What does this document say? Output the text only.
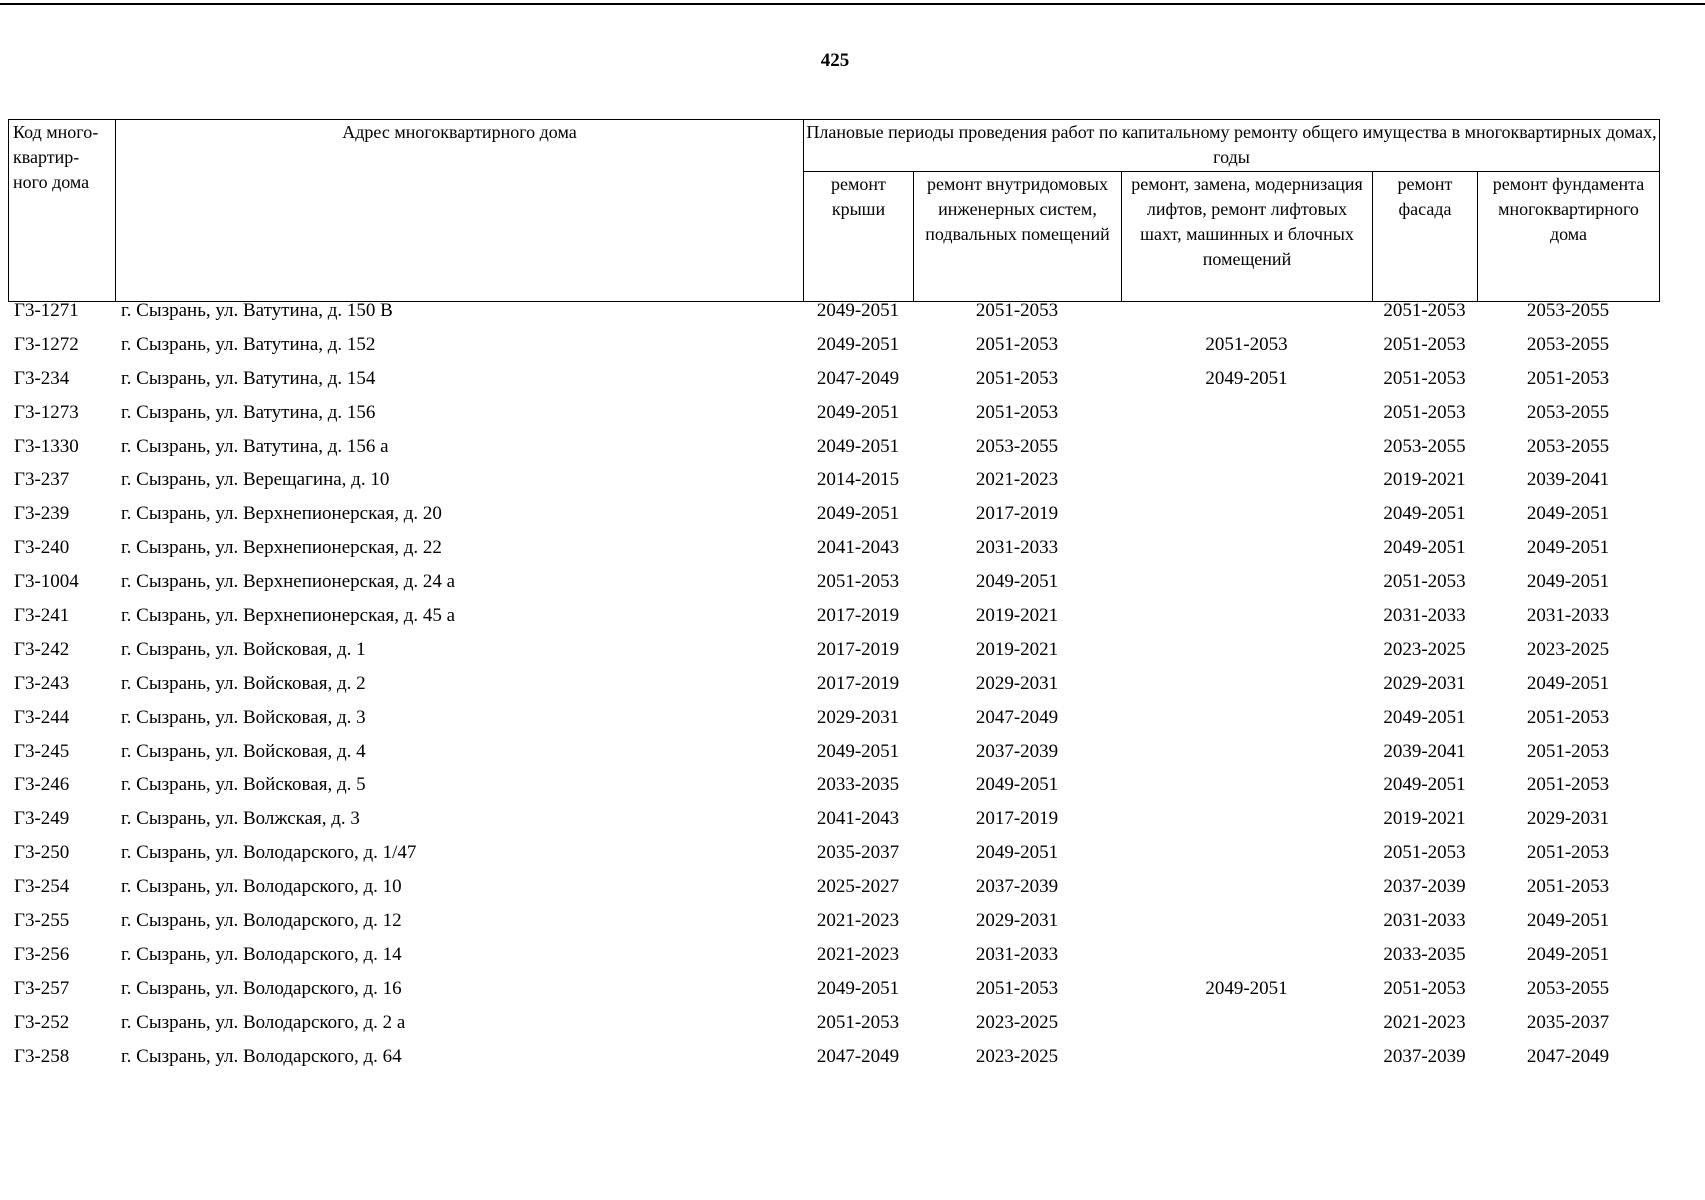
425
Код много-квартир-ного дома	Адрес многоквартирного дома	Плановые периоды проведения работ по капитальному ремонту общего имущества в многоквартирных домах, годы				
		ремонт крыши	ремонт внутридомовых инженерных систем, подвальных помещений	ремонт, замена, модернизация лифтов, ремонт лифтовых шахт, машинных и блочных помещений	ремонт фасада	ремонт фундамента многоквартирного дома
Г3-1271	г. Сызрань, ул. Ватутина, д. 150 В	2049-2051	2051-2053		2051-2053	2053-2055
Г3-1272	г. Сызрань, ул. Ватутина, д. 152	2049-2051	2051-2053	2051-2053	2051-2053	2053-2055
Г3-234	г. Сызрань, ул. Ватутина, д. 154	2047-2049	2051-2053	2049-2051	2051-2053	2051-2053
Г3-1273	г. Сызрань, ул. Ватутина, д. 156	2049-2051	2051-2053		2051-2053	2053-2055
Г3-1330	г. Сызрань, ул. Ватутина, д. 156 а	2049-2051	2053-2055		2053-2055	2053-2055
Г3-237	г. Сызрань, ул. Верещагина, д. 10	2014-2015	2021-2023		2019-2021	2039-2041
Г3-239	г. Сызрань, ул. Верхнепионерская, д. 20	2049-2051	2017-2019		2049-2051	2049-2051
Г3-240	г. Сызрань, ул. Верхнепионерская, д. 22	2041-2043	2031-2033		2049-2051	2049-2051
Г3-1004	г. Сызрань, ул. Верхнепионерская, д. 24 а	2051-2053	2049-2051		2051-2053	2049-2051
Г3-241	г. Сызрань, ул. Верхнепионерская, д. 45 а	2017-2019	2019-2021		2031-2033	2031-2033
Г3-242	г. Сызрань, ул. Войсковая, д. 1	2017-2019	2019-2021		2023-2025	2023-2025
Г3-243	г. Сызрань, ул. Войсковая, д. 2	2017-2019	2029-2031		2029-2031	2049-2051
Г3-244	г. Сызрань, ул. Войсковая, д. 3	2029-2031	2047-2049		2049-2051	2051-2053
Г3-245	г. Сызрань, ул. Войсковая, д. 4	2049-2051	2037-2039		2039-2041	2051-2053
Г3-246	г. Сызрань, ул. Войсковая, д. 5	2033-2035	2049-2051		2049-2051	2051-2053
Г3-249	г. Сызрань, ул. Волжская, д. 3	2041-2043	2017-2019		2019-2021	2029-2031
Г3-250	г. Сызрань, ул. Володарского, д. 1/47	2035-2037	2049-2051		2051-2053	2051-2053
Г3-254	г. Сызрань, ул. Володарского, д. 10	2025-2027	2037-2039		2037-2039	2051-2053
Г3-255	г. Сызрань, ул. Володарского, д. 12	2021-2023	2029-2031		2031-2033	2049-2051
Г3-256	г. Сызрань, ул. Володарского, д. 14	2021-2023	2031-2033		2033-2035	2049-2051
Г3-257	г. Сызрань, ул. Володарского, д. 16	2049-2051	2051-2053	2049-2051	2051-2053	2053-2055
Г3-252	г. Сызрань, ул. Володарского, д. 2 а	2051-2053	2023-2025		2021-2023	2035-2037
Г3-258	г. Сызрань, ул. Володарского, д. 64	2047-2049	2023-2025		2037-2039	2047-2049
